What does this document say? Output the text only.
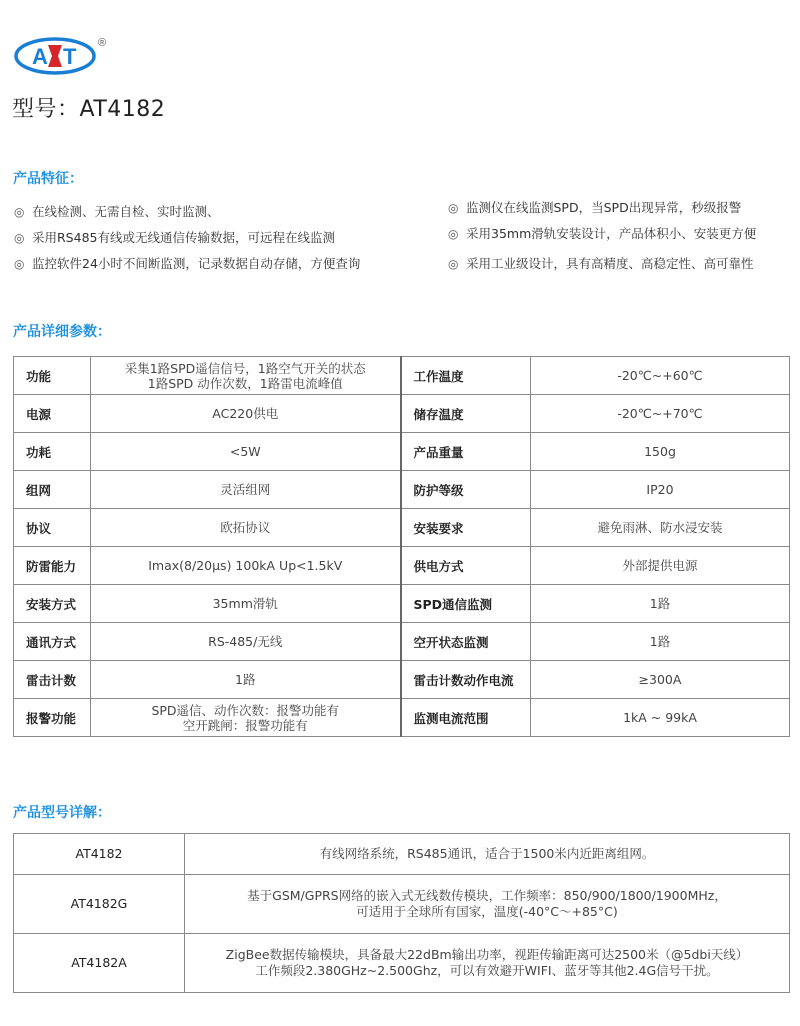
A T
®
型号：AT4182
产品特征：
◎ 在线检测、无需自检、实时监测、
◎ 采用RS485有线或无线通信传输数据，可远程在线监测
◎ 监控软件24小时不间断监测，记录数据自动存储，方便查询
◎ 监测仪在线监测SPD，当SPD出现异常，秒级报警
◎ 采用35mm滑轨安装设计，产品体积小、安装更方便
◎ 采用工业级设计，具有高精度、高稳定性、高可靠性
产品详细参数：
功能	采集1路SPD遥信信号，1路空气开关的状态
1路SPD 动作次数，1路雷电流峰值	工作温度	-20℃~+60℃

电源	AC220供电	储存温度	-20℃~+70℃

功耗	<5W	产品重量	150g

组网	灵活组网	防护等级	IP20

协议	欧拓协议	安装要求	避免雨淋、防水浸安装

防雷能力	Imax(8/20μs) 100kA Up<1.5kV	供电方式	外部提供电源

安装方式	35mm滑轨	SPD通信监测	1路

通讯方式	RS-485/无线	空开状态监测	1路

雷击计数	1路	雷击计数动作电流	≥300A

报警功能	SPD遥信、动作次数：报警功能有
空开跳闸：报警功能有	监测电流范围	1kA ~ 99kA
产品型号详解：
AT4182	有线网络系统，RS485通讯，适合于1500米内近距离组网。

AT4182G	基于GSM/GPRS网络的嵌入式无线数传模块，工作频率：850/900/1800/1900MHz，
可适用于全球所有国家，温度(-40°C～+85°C)

AT4182A	ZigBee数据传输模块，具备最大22dBm输出功率，视距传输距离可达2500米（@5dbi天线）
工作频段2.380GHz~2.500Ghz，可以有效避开WIFI、蓝牙等其他2.4G信号干扰。
